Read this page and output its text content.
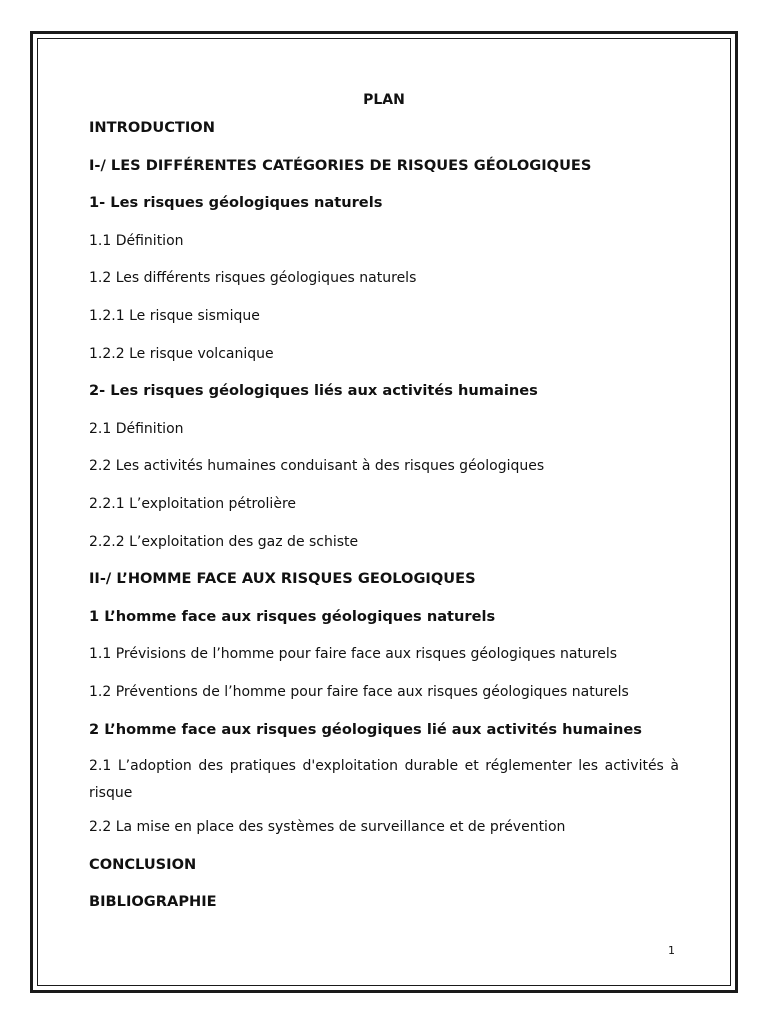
PLAN
INTRODUCTION
I-/ LES DIFFÉRENTES CATÉGORIES DE RISQUES GÉOLOGIQUES
1- Les risques géologiques naturels
1.1 Définition
1.2 Les différents risques géologiques naturels
1.2.1 Le risque sismique
1.2.2 Le risque volcanique
2- Les risques géologiques liés aux activités humaines
2.1 Définition
2.2 Les activités humaines conduisant à des risques géologiques
2.2.1 L’exploitation pétrolière
2.2.2 L’exploitation des gaz de schiste
II-/ L’HOMME FACE AUX RISQUES GEOLOGIQUES
1 L’homme face aux risques géologiques naturels
1.1 Prévisions de l’homme pour faire face aux risques géologiques naturels
1.2 Préventions de l’homme pour faire face aux risques géologiques naturels
2 L’homme face aux risques géologiques lié aux activités humaines
2.1 L’adoption des pratiques d'exploitation durable et réglementer les activités à risque
2.2 La mise en place des systèmes de surveillance et de prévention
CONCLUSION
BIBLIOGRAPHIE
1
